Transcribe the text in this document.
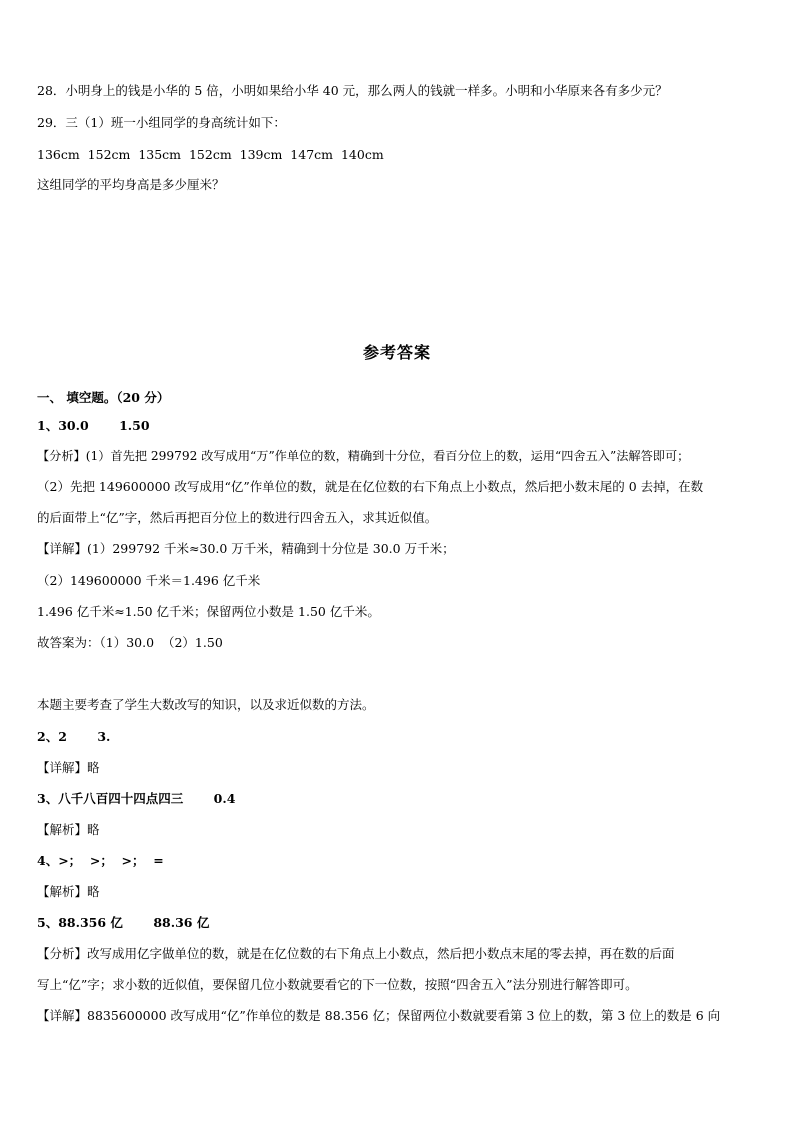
28．小明身上的钱是小华的 5 倍，小明如果给小华 40 元，那么两人的钱就一样多。小明和小华原来各有多少元？
29．三（1）班一小组同学的身高统计如下：
136cm  152cm  135cm  152cm  139cm  147cm  140cm
这组同学的平均身高是多少厘米？
参考答案
一、 填空题。（20 分）
1、30.0       1.50
【分析】(1）首先把 299792 改写成用“万”作单位的数，精确到十分位，看百分位上的数，运用“四舍五入”法解答即可；
（2）先把 149600000 改写成用“亿”作单位的数，就是在亿位数的右下角点上小数点，然后把小数末尾的 0 去掉，在数
的后面带上“亿”字，然后再把百分位上的数进行四舍五入，求其近似值。
【详解】(1）299792 千米≈30.0 万千米，精确到十分位是 30.0 万千米；
（2）149600000 千米＝1.496 亿千米
1.496 亿千米≈1.50 亿千米；保留两位小数是 1.50 亿千米。
故答案为：（1）30.0  （2）1.50
本题主要考查了学生大数改写的知识，以及求近似数的方法。
2、2       3.
【详解】略
3、八千八百四十四点四三       0.4
【解析】略
4、>；  >；  >；  =
【解析】略
5、88.356 亿       88.36 亿
【分析】改写成用亿字做单位的数，就是在亿位数的右下角点上小数点，然后把小数点末尾的零去掉，再在数的后面
写上“亿”字；求小数的近似值，要保留几位小数就要看它的下一位数，按照“四舍五入”法分别进行解答即可。
【详解】8835600000 改写成用“亿”作单位的数是 88.356 亿；保留两位小数就要看第 3 位上的数，第 3 位上的数是 6 向
